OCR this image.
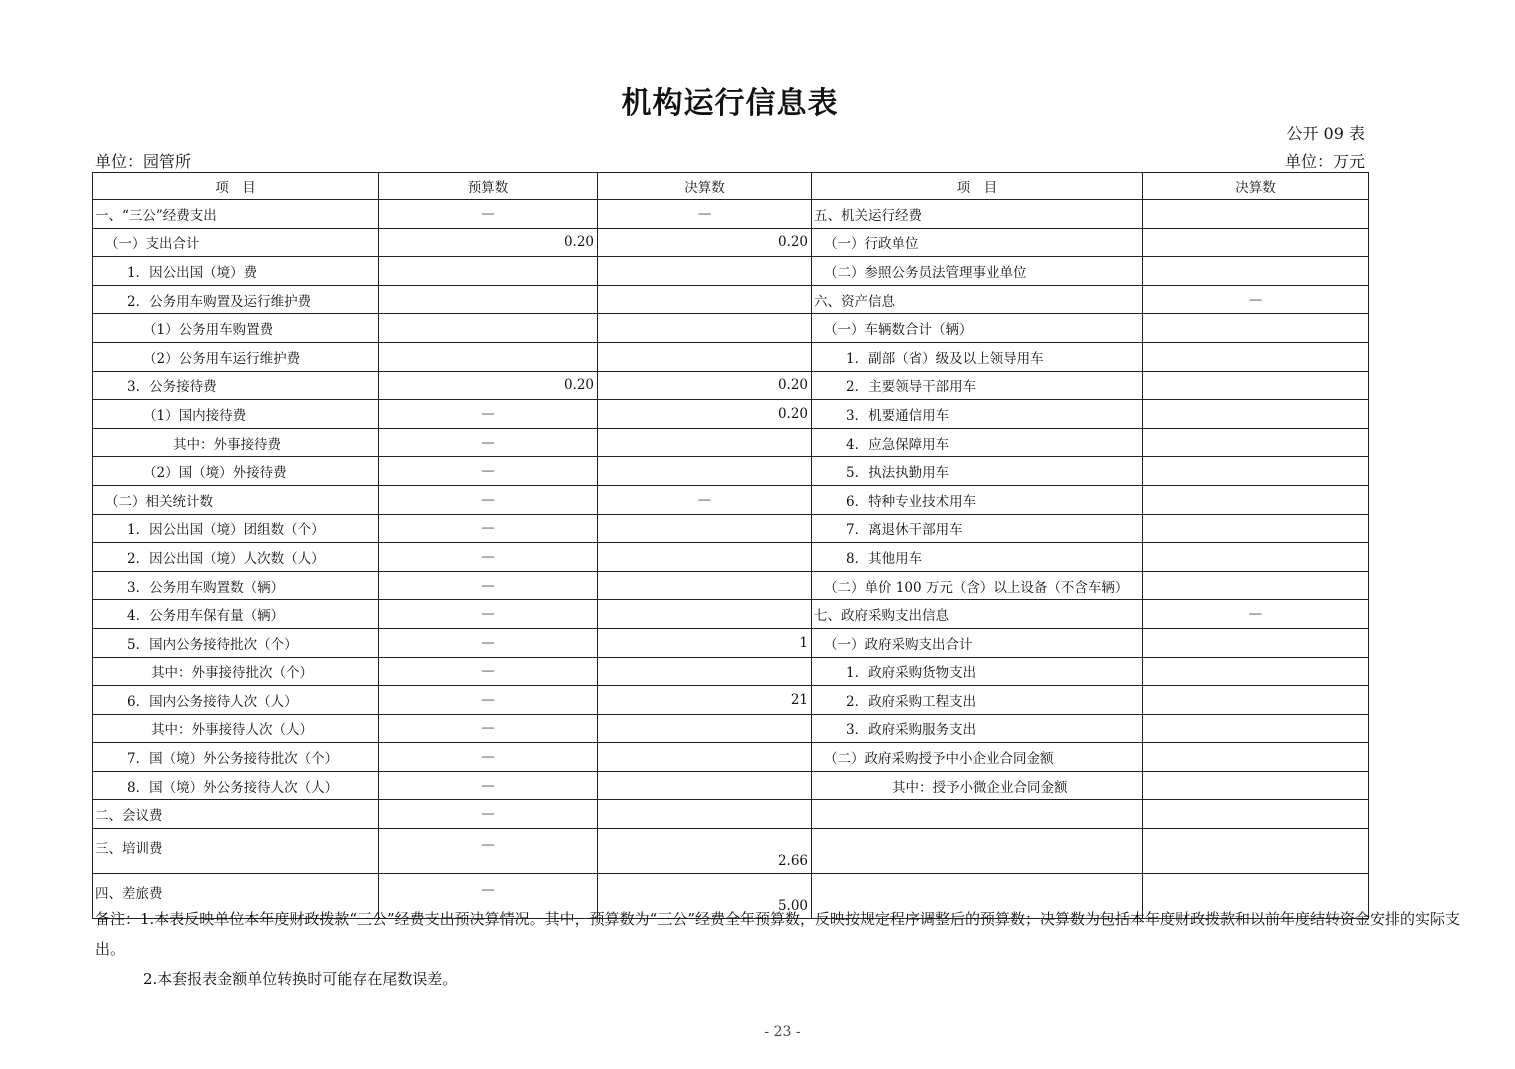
机构运行信息表
公开 09 表
单位：园管所	单位：万元
项　目	预算数	决算数	项　目	决算数
一、“三公”经费支出	—	—	五、机关运行经费	
（一）支出合计	0.20	0.20	（一）行政单位	
1．因公出国（境）费			（二）参照公务员法管理事业单位	
2．公务用车购置及运行维护费			六、资产信息	—
（1）公务用车购置费			（一）车辆数合计（辆）	
（2）公务用车运行维护费			1．副部（省）级及以上领导用车	
3．公务接待费	0.20	0.20	2．主要领导干部用车	
（1）国内接待费	—	0.20	3．机要通信用车	
其中：外事接待费	—		4．应急保障用车	
（2）国（境）外接待费	—		5．执法执勤用车	
（二）相关统计数	—	—	6．特种专业技术用车	
1．因公出国（境）团组数（个）	—		7．离退休干部用车	
2．因公出国（境）人次数（人）	—		8．其他用车	
3．公务用车购置数（辆）	—		（二）单价 100 万元（含）以上设备（不含车辆）	
4．公务用车保有量（辆）	—		七、政府采购支出信息	—
5．国内公务接待批次（个）	—	1	（一）政府采购支出合计	
其中：外事接待批次（个）	—		1．政府采购货物支出	
6．国内公务接待人次（人）	—	21	2．政府采购工程支出	
其中：外事接待人次（人）	—		3．政府采购服务支出	
7．国（境）外公务接待批次（个）	—		（二）政府采购授予中小企业合同金额	
8．国（境）外公务接待人次（人）	—		其中：授予小微企业合同金额	
二、会议费	—			
三、培训费	—	2.66		
四、差旅费	—	5.00		
备注：1.本表反映单位本年度财政拨款“三公”经费支出预决算情况。其中，预算数为“三公”经费全年预算数，反映按规定程序调整后的预算数；决算数为包括本年度财政拨款和以前年度结转资金安排的实际支出。
2.本套报表金额单位转换时可能存在尾数误差。
- 23 -
